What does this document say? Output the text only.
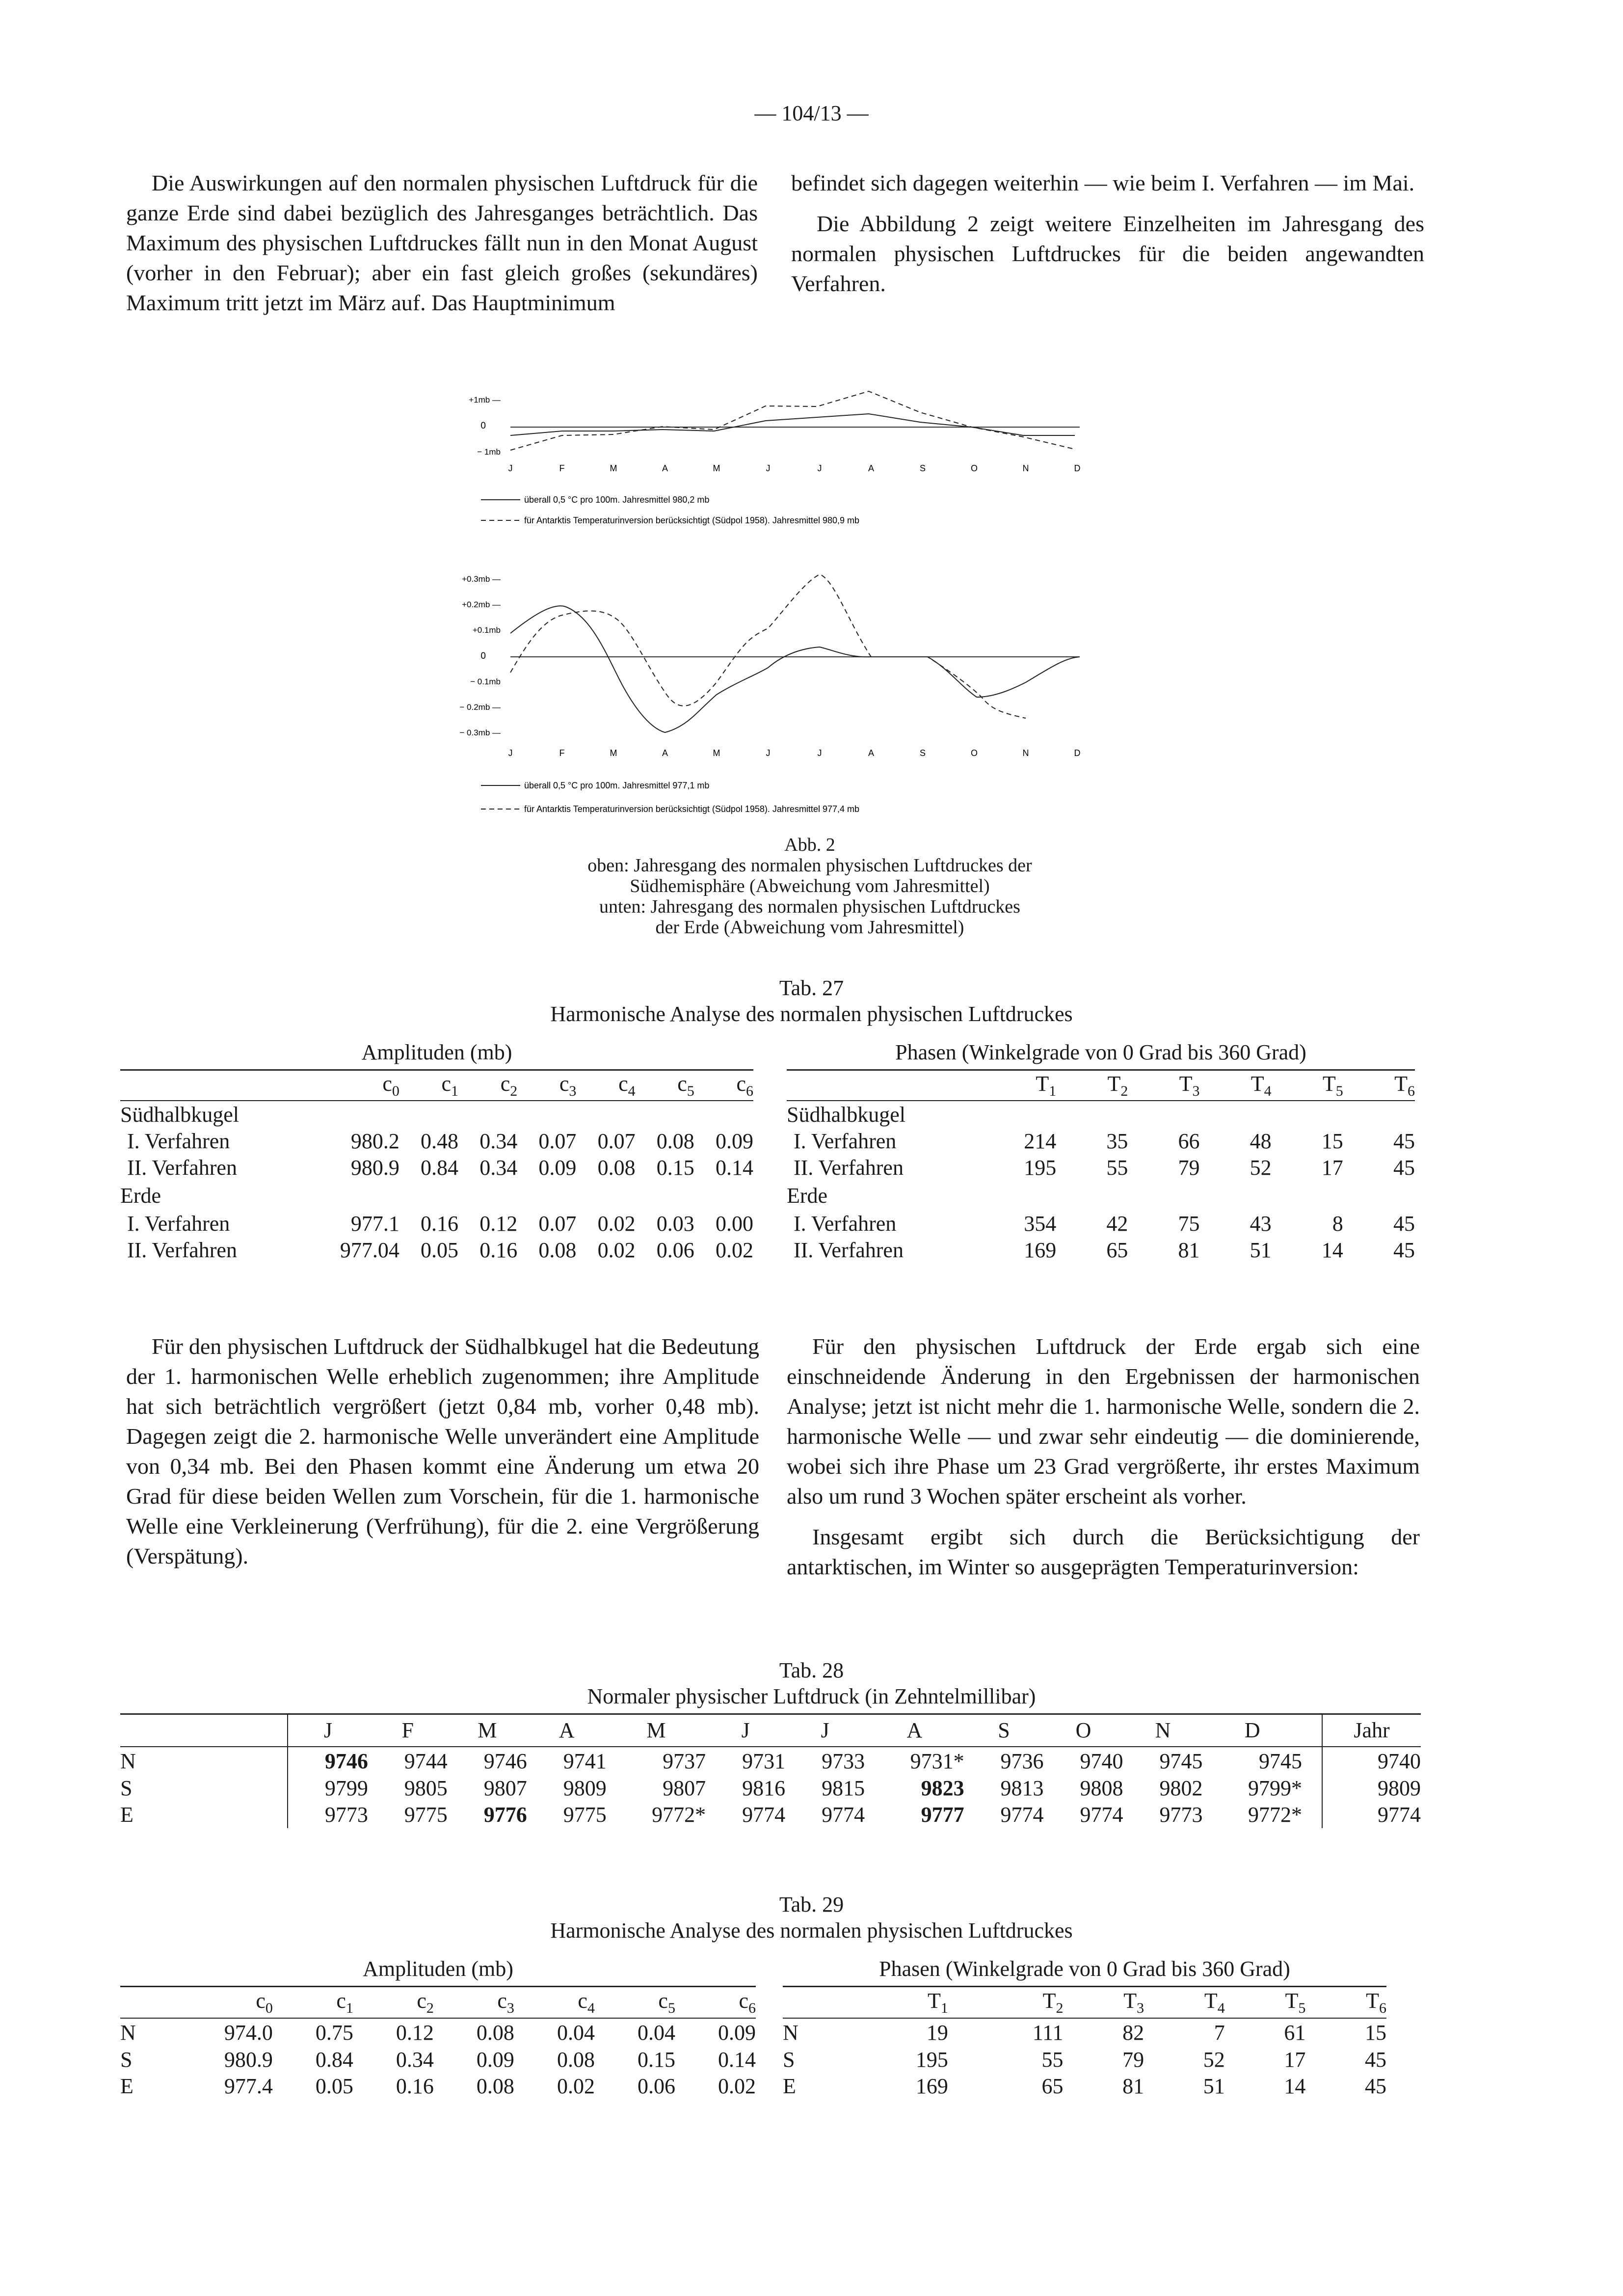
— 104/13 —

Die Auswirkungen auf den normalen physischen Luftdruck für die ganze Erde sind dabei bezüglich des Jahresganges beträchtlich. Das Maximum des physischen Luftdruckes fällt nun in den Monat August (vorher in den Februar); aber ein fast gleich großes (sekundäres) Maximum tritt jetzt im März auf. Das Hauptminimum

befindet sich dagegen weiterhin — wie beim I. Verfahren — im Mai.

Die Abbildung 2 zeigt weitere Einzelheiten im Jahresgang des normalen physischen Luftdruckes für die beiden angewandten Verfahren.

+1mb —
0
− 1mb
J	F	M	A	M	J	J	A	S	O	N	D
überall 0,5 °C pro 100m. Jahresmittel 980,2 mb
für Antarktis Temperaturinversion berücksichtigt (Südpol 1958). Jahresmittel 980,9 mb
+0.3mb —
+0.2mb —
+0.1mb
0
− 0.1mb
− 0.2mb —
− 0.3mb —
J	F	M	A	M	J	J	A	S	O	N	D
überall 0,5 °C pro 100m. Jahresmittel 977,1 mb
für Antarktis Temperaturinversion berücksichtigt (Südpol 1958). Jahresmittel 977,4 mb
Abb. 2
oben: Jahresgang des normalen physischen Luftdruckes der
Südhemisphäre (Abweichung vom Jahresmittel)
unten: Jahresgang des normalen physischen Luftdruckes
der Erde (Abweichung vom Jahresmittel)
Tab. 27
Harmonische Analyse des normalen physischen Luftdruckes
Amplituden (mb)							
	$c_0$	$c_1$	$c_2$	$c_3$	$c_4$	$c_5$	$c_6$
Südhalbkugel							
I. Verfahren	980.2	0.48	0.34	0.07	0.07	0.08	0.09
II. Verfahren	980.9	0.84	0.34	0.09	0.08	0.15	0.14
Erde							
I. Verfahren	977.1	0.16	0.12	0.07	0.02	0.03	0.00
II. Verfahren	977.04	0.05	0.16	0.08	0.02	0.06	0.02
Phasen (Winkelgrade von 0 Grad bis 360 Grad)						
	$T_1$	$T_2$	$T_3$	$T_4$	$T_5$	$T_6$
Südhalbkugel						
I. Verfahren	214	35	66	48	15	45
II. Verfahren	195	55	79	52	17	45
Erde						
I. Verfahren	354	42	75	43	8	45
II. Verfahren	169	65	81	51	14	45

Für den physischen Luftdruck der Südhalbkugel hat die Bedeutung der 1. harmonischen Welle erheblich zugenommen; ihre Amplitude hat sich beträchtlich vergrößert (jetzt 0,84 mb, vorher 0,48 mb). Dagegen zeigt die 2. harmonische Welle unverändert eine Amplitude von 0,34 mb. Bei den Phasen kommt eine Änderung um etwa 20 Grad für diese beiden Wellen zum Vorschein, für die 1. harmonische Welle eine Verkleinerung (Verfrühung), für die 2. eine Vergrößerung (Verspätung).

Für den physischen Luftdruck der Erde ergab sich eine einschneidende Änderung in den Ergebnissen der harmonischen Analyse; jetzt ist nicht mehr die 1. harmonische Welle, sondern die 2. harmonische Welle — und zwar sehr eindeutig — die dominierende, wobei sich ihre Phase um 23 Grad vergrößerte, ihr erstes Maximum also um rund 3 Wochen später erscheint als vorher.

Insgesamt ergibt sich durch die Berücksichtigung der antarktischen, im Winter so ausgeprägten Temperaturinversion:

Tab. 28
Normaler physischer Luftdruck (in Zehntelmillibar)
	J	F	M	A	M	J	J	A	S	O	N	D		Jahr
N	9746	9744	9746	9741	9737	9731	9733	9731*	9736	9740	9745	9745		9740
S	9799	9805	9807	9809	9807	9816	9815	9823	9813	9808	9802	9799*		9809
E	9773	9775	9776	9775	9772*	9774	9774	9777	9774	9774	9773	9772*		9774
Tab. 29
Harmonische Analyse des normalen physischen Luftdruckes
Amplituden (mb)							
	$c_0$	$c_1$	$c_2$	$c_3$	$c_4$	$c_5$	$c_6$
N	974.0	0.75	0.12	0.08	0.04	0.04	0.09
S	980.9	0.84	0.34	0.09	0.08	0.15	0.14
E	977.4	0.05	0.16	0.08	0.02	0.06	0.02
Phasen (Winkelgrade von 0 Grad bis 360 Grad)						
	$T_1$	$T_2$	$T_3$	$T_4$	$T_5$	$T_6$
N	19	111	82	7	61	15
S	195	55	79	52	17	45
E	169	65	81	51	14	45
